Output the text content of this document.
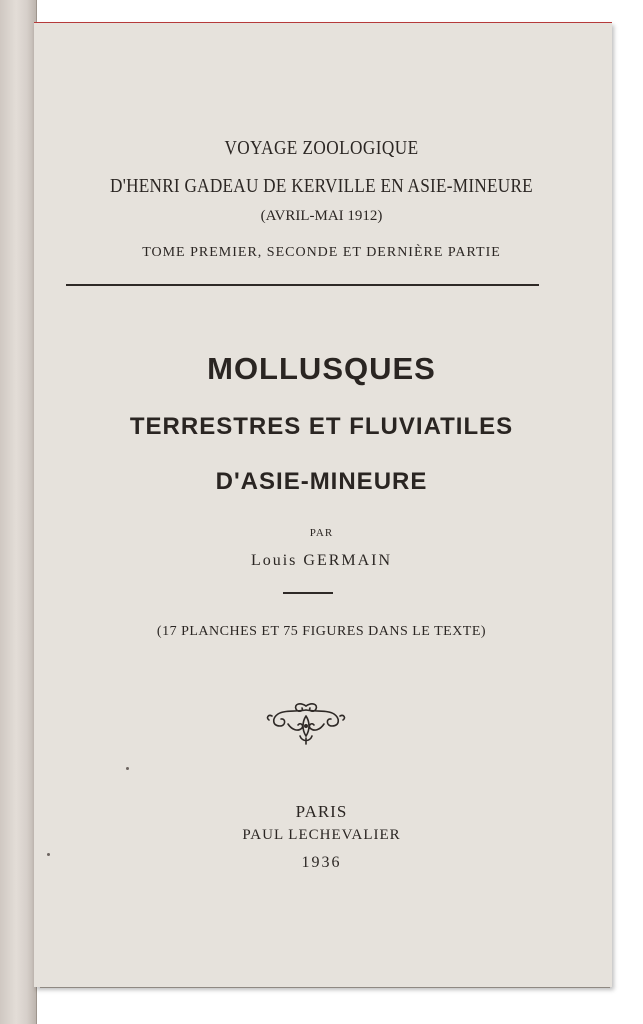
VOYAGE ZOOLOGIQUE
D'HENRI GADEAU DE KERVILLE EN ASIE-MINEURE
(AVRIL-MAI 1912)
TOME PREMIER, SECONDE ET DERNIÈRE PARTIE
MOLLUSQUES
TERRESTRES ET FLUVIATILES
D'ASIE-MINEURE
PAR
Louis GERMAIN
(17 PLANCHES ET 75 FIGURES DANS LE TEXTE)
PARIS
PAUL LECHEVALIER
1936
